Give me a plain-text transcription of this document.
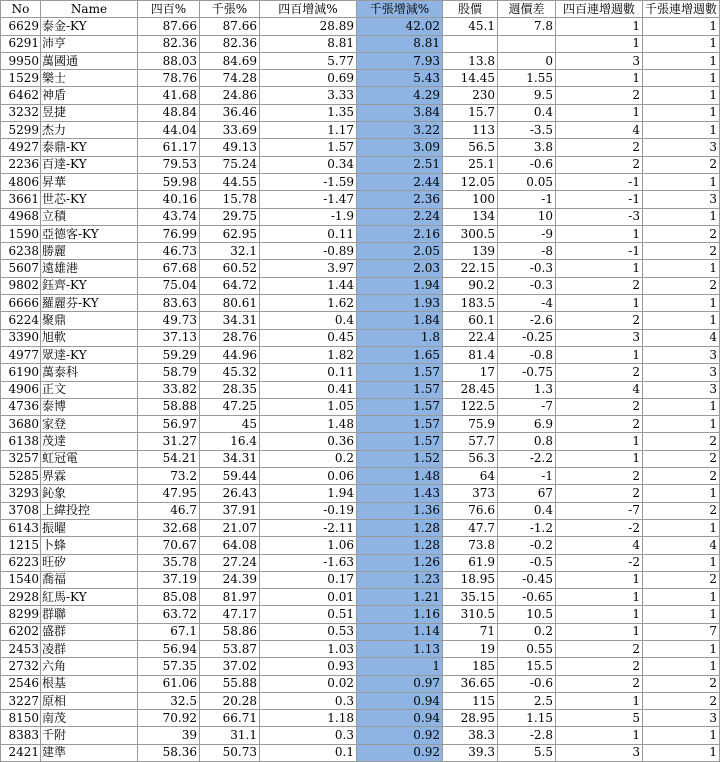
No	Name	四百%	千張%	四百增減%	千張增減%	股價	週價差	四百連增週數	千張連增週數
6629	泰金-KY	87.66	87.66	28.89	42.02	45.1	7.8	1	1
6291	沛亨	82.36	82.36	8.81	8.81			1	1
9950	萬國通	88.03	84.69	5.77	7.93	13.8	0	3	1
1529	樂士	78.76	74.28	0.69	5.43	14.45	1.55	1	1
6462	神盾	41.68	24.86	3.33	4.29	230	9.5	2	1
3232	昱捷	48.84	36.46	1.35	3.84	15.7	0.4	1	1
5299	杰力	44.04	33.69	1.17	3.22	113	-3.5	4	1
4927	泰鼎-KY	61.17	49.13	1.57	3.09	56.5	3.8	2	3
2236	百達-KY	79.53	75.24	0.34	2.51	25.1	-0.6	2	2
4806	昇華	59.98	44.55	-1.59	2.44	12.05	0.05	-1	1
3661	世芯-KY	40.16	15.78	-1.47	2.36	100	-1	-1	3
4968	立積	43.74	29.75	-1.9	2.24	134	10	-3	1
1590	亞德客-KY	76.99	62.95	0.11	2.16	300.5	-9	1	2
6238	勝麗	46.73	32.1	-0.89	2.05	139	-8	-1	2
5607	遠雄港	67.68	60.52	3.97	2.03	22.15	-0.3	1	1
9802	鈺齊-KY	75.04	64.72	1.44	1.94	90.2	-0.3	2	2
6666	羅麗芬-KY	83.63	80.61	1.62	1.93	183.5	-4	1	1
6224	聚鼎	49.73	34.31	0.4	1.84	60.1	-2.6	2	1
3390	旭軟	37.13	28.76	0.45	1.8	22.4	-0.25	3	4
4977	眾達-KY	59.29	44.96	1.82	1.65	81.4	-0.8	1	3
6190	萬泰科	58.79	45.32	0.11	1.57	17	-0.75	2	3
4906	正文	33.82	28.35	0.41	1.57	28.45	1.3	4	3
4736	泰博	58.88	47.25	1.05	1.57	122.5	-7	2	1
3680	家登	56.97	45	1.48	1.57	75.9	6.9	2	1
6138	茂達	31.27	16.4	0.36	1.57	57.7	0.8	1	2
3257	虹冠電	54.21	34.31	0.2	1.52	56.3	-2.2	1	2
5285	界霖	73.2	59.44	0.06	1.48	64	-1	2	2
3293	鈊象	47.95	26.43	1.94	1.43	373	67	2	1
3708	上緯投控	46.7	37.91	-0.19	1.36	76.6	0.4	-7	2
6143	振曜	32.68	21.07	-2.11	1.28	47.7	-1.2	-2	1
1215	卜蜂	70.67	64.08	1.06	1.28	73.8	-0.2	4	4
6223	旺矽	35.78	27.24	-1.63	1.26	61.9	-0.5	-2	1
1540	喬福	37.19	24.39	0.17	1.23	18.95	-0.45	1	2
2928	紅馬-KY	85.08	81.97	0.01	1.21	35.15	-0.65	1	1
8299	群聯	63.72	47.17	0.51	1.16	310.5	10.5	1	1
6202	盛群	67.1	58.86	0.53	1.14	71	0.2	1	7
2453	凌群	56.94	53.87	1.03	1.13	19	0.55	2	1
2732	六角	57.35	37.02	0.93	1	185	15.5	2	1
2546	根基	61.06	55.88	0.02	0.97	36.65	-0.6	2	2
3227	原相	32.5	20.28	0.3	0.94	115	2.5	1	2
8150	南茂	70.92	66.71	1.18	0.94	28.95	1.15	5	3
8383	千附	39	31.1	0.3	0.92	38.3	-2.8	1	1
2421	建準	58.36	50.73	0.1	0.92	39.3	5.5	3	1
